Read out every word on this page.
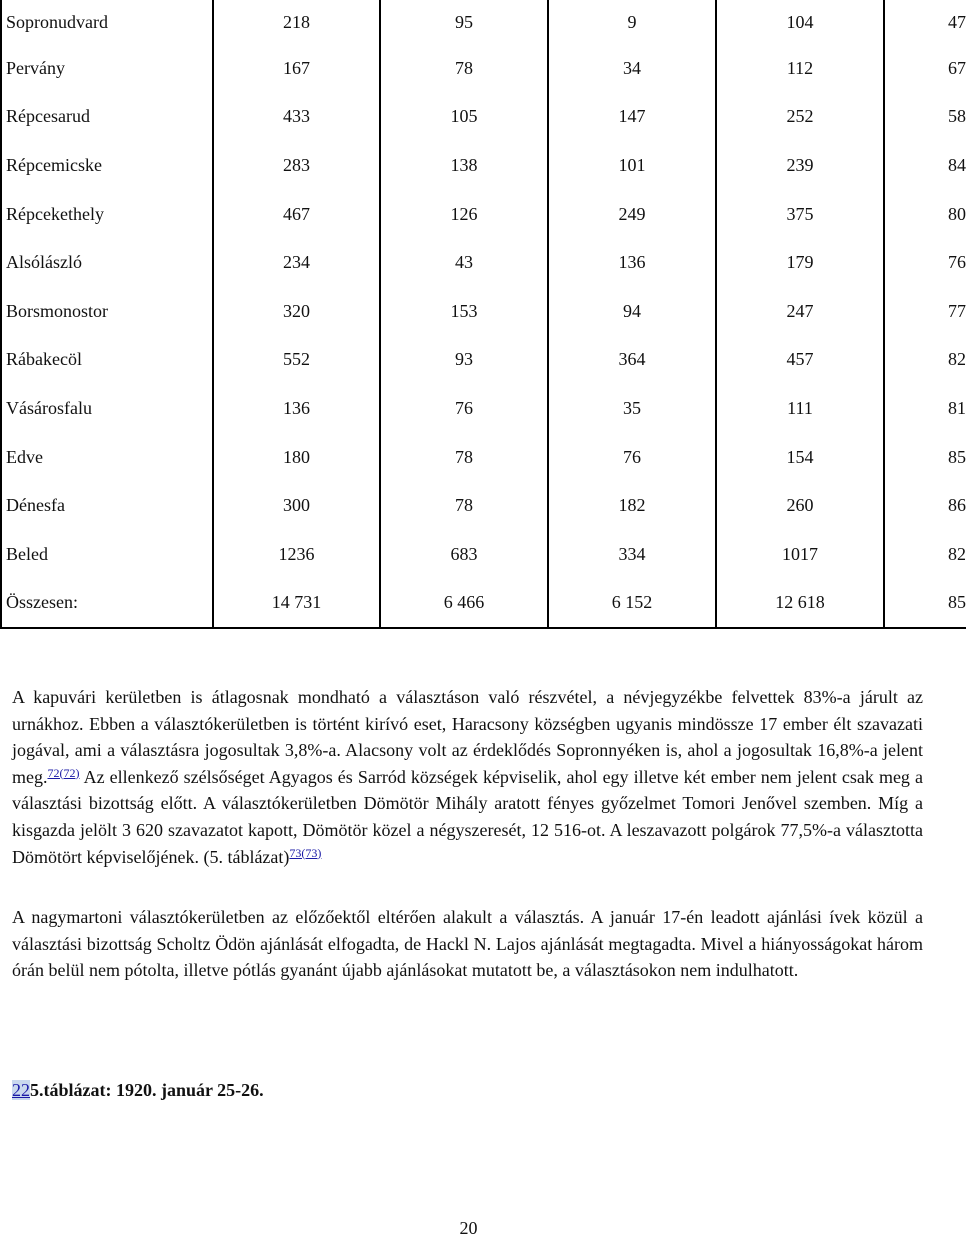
Sopronudvard	218	95	9	104	47
Pervány	167	78	34	112	67
Répcesarud	433	105	147	252	58
Répcemicske	283	138	101	239	84
Répcekethely	467	126	249	375	80
Alsólászló	234	43	136	179	76
Borsmonostor	320	153	94	247	77
Rábakecöl	552	93	364	457	82
Vásárosfalu	136	76	35	111	81
Edve	180	78	76	154	85
Dénesfa	300	78	182	260	86
Beled	1236	683	334	1017	82
Összesen:	14 731	6 466	6 152	12 618	85

A kapuvári kerületben is átlagosnak mondható a választáson való részvétel, a névjegyzékbe felvettek 83%-a járult az urnákhoz. Ebben a választókerületben is történt kirívó eset, Haracsony községben ugyanis mindössze 17 ember élt szavazati jogával, ami a választásra jogosultak 3,8%-a. Alacsony volt az érdeklődés Sopronnyéken is, ahol a jogosultak 16,8%-a jelent meg.$^{72(72)}$ Az ellenkező szélsőséget Agyagos és Sarród községek képviselik, ahol egy illetve két ember nem jelent csak meg a választási bizottság előtt. A választókerületben Dömötör Mihály aratott fényes győzelmet Tomori Jenővel szemben. Míg a kisgazda jelölt 3 620 szavazatot kapott, Dömötör közel a négyszeresét, 12 516-ot. A leszavazott polgárok 77,5%-a választotta Dömötört képviselőjének. (5. táblázat)$^{73(73)}$

A nagymartoni választókerületben az előzőektől eltérően alakult a választás. A január 17-én leadott ajánlási ívek közül a választási bizottság Scholtz Ödön ajánlását elfogadta, de Hackl N. Lajos ajánlását megtagadta. Mivel a hiányosságokat három órán belül nem pótolta, illetve pótlás gyanánt újabb ajánlásokat mutatott be, a választásokon nem indulhatott.

225.táblázat: 1920. január 25-26.

20
